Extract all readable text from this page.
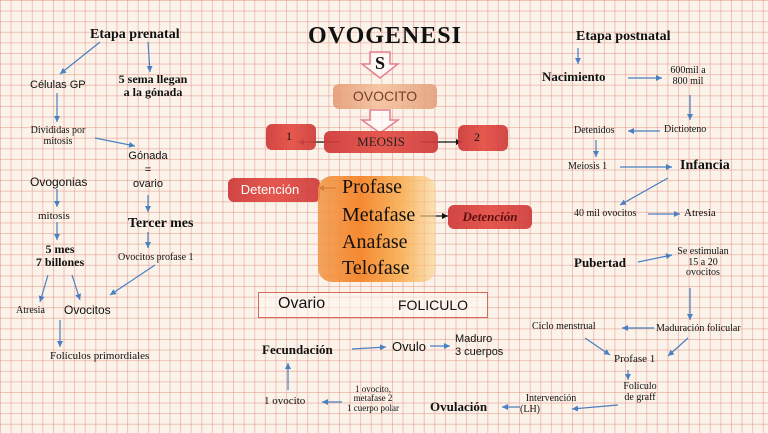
OVOGENESI
S
OVOCITO
MEOSIS
1	2
Detención
Detención
Profase
Metafase
Anafase
Telofase
Ovario	FOLICULO
Etapa prenatal
Células GP	5 sema llegan
a la gónada
Divididas por
mitosis
Gónada
=
ovario
Ovogonias
mitosis	Tercer mes
5 mes
7 billones	Ovocitos profase 1
Atresia Ovocitos
Folículos primordiales
Etapa postnatal
Nacimiento	600mil a
800 mil
Detenidos	Dictioteno
Meiosis 1	Infancia
40 mil ovocitos	Atresia
Pubertad
Se estimulan
15 a 20
ovocitos
Ciclo menstrual	Maduración folicular
Profase 1
Folículo
de graff
Intervención
(LH)
Ovulación
Fecundación	Ovulo	Maduro
3 cuerpos
1 ovocito
1 ovocito,
metafase 2
1 cuerpo polar
